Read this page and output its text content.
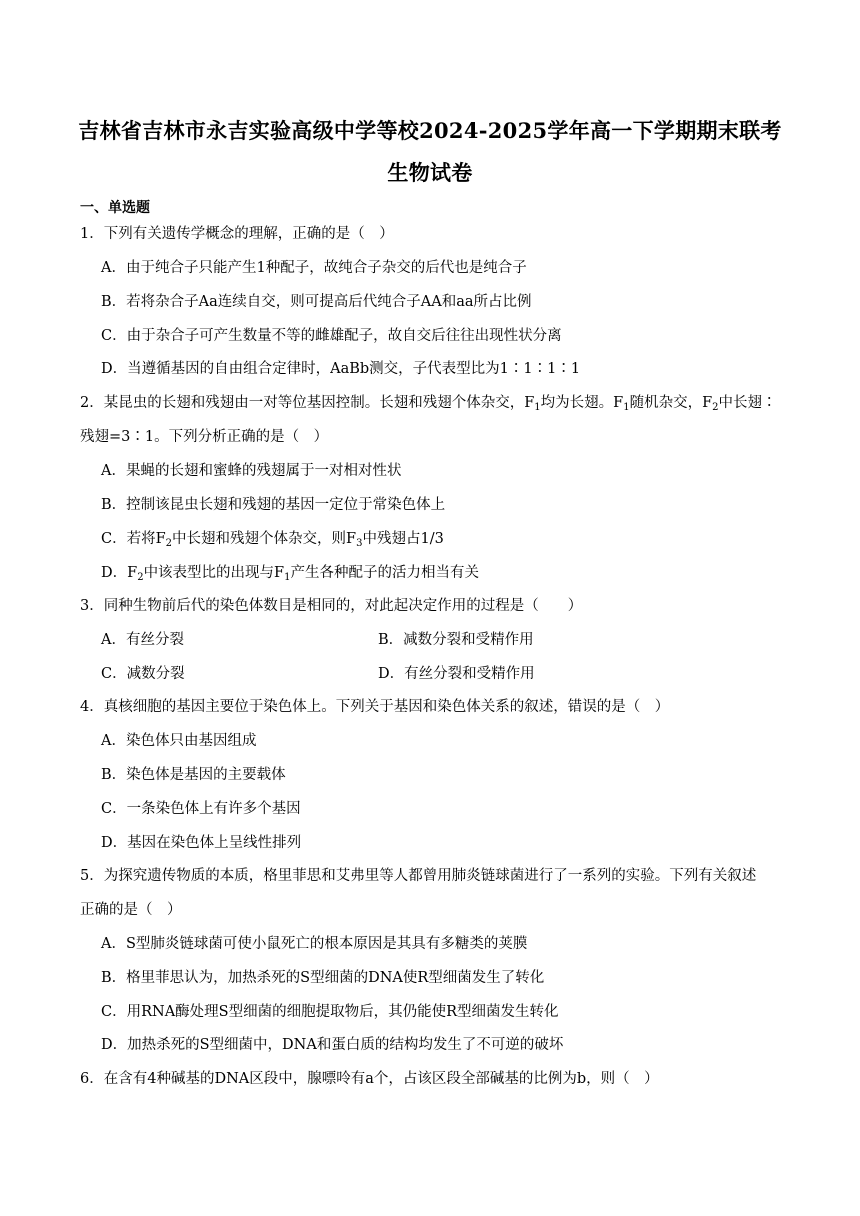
吉林省吉林市永吉实验高级中学等校2024-2025学年高一下学期期末联考
生物试卷
一、单选题
1．下列有关遗传学概念的理解，正确的是（　）
A．由于纯合子只能产生1种配子，故纯合子杂交的后代也是纯合子
B．若将杂合子Aa连续自交，则可提高后代纯合子AA和aa所占比例
C．由于杂合子可产生数量不等的雌雄配子，故自交后往往出现性状分离
D．当遵循基因的自由组合定律时，AaBb测交，子代表型比为1∶1∶1∶1
2．某昆虫的长翅和残翅由一对等位基因控制。长翅和残翅个体杂交，$F_1$均为长翅。$F_1$随机杂交，$F_2$中长翅∶
残翅=3∶1。下列分析正确的是（　）
A．果蝇的长翅和蜜蜂的残翅属于一对相对性状
B．控制该昆虫长翅和残翅的基因一定位于常染色体上
C．若将$F_2$中长翅和残翅个体杂交，则$F_3$中残翅占1/3
D．$F_2$中该表型比的出现与$F_1$产生各种配子的活力相当有关
3．同种生物前后代的染色体数目是相同的，对此起决定作用的过程是（　　）
A．有丝分裂	B．减数分裂和受精作用
C．减数分裂	D．有丝分裂和受精作用
4．真核细胞的基因主要位于染色体上。下列关于基因和染色体关系的叙述，错误的是（　）
A．染色体只由基因组成
B．染色体是基因的主要载体
C．一条染色体上有许多个基因
D．基因在染色体上呈线性排列
5．为探究遗传物质的本质，格里菲思和艾弗里等人都曾用肺炎链球菌进行了一系列的实验。下列有关叙述
正确的是（　）
A．S型肺炎链球菌可使小鼠死亡的根本原因是其具有多糖类的荚膜
B．格里菲思认为，加热杀死的S型细菌的DNA使R型细菌发生了转化
C．用RNA酶处理S型细菌的细胞提取物后，其仍能使R型细菌发生转化
D．加热杀死的S型细菌中，DNA和蛋白质的结构均发生了不可逆的破坏
6．在含有4种碱基的DNA区段中，腺嘌呤有a个，占该区段全部碱基的比例为b，则（　）
